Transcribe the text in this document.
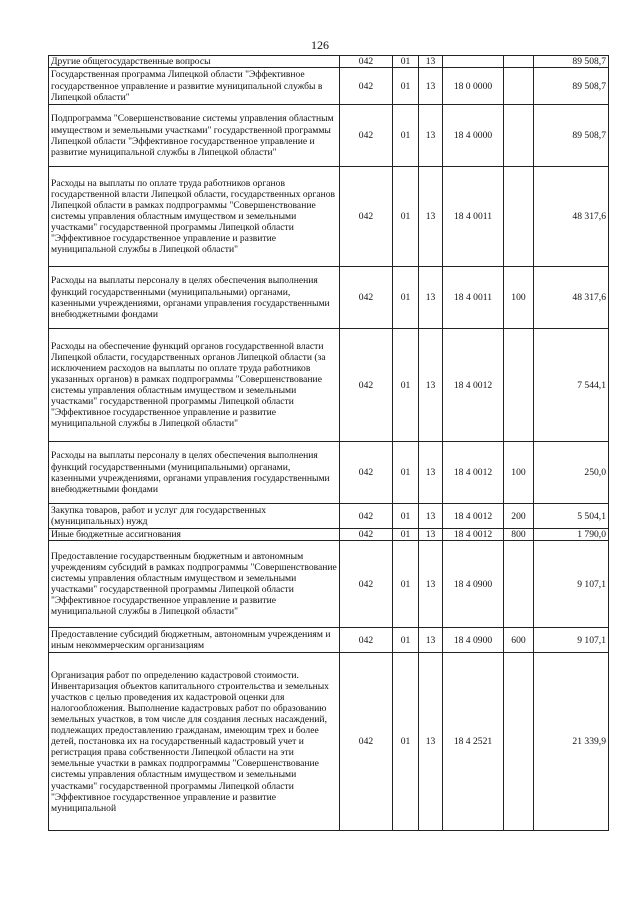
126
Другие общегосударственные вопросы	042	01	13			89 508,7
Государственная программа Липецкой области "Эффективное государственное управление и развитие муниципальной службы в Липецкой области"	042	01	13	18 0 0000		89 508,7
Подпрограмма "Совершенствование системы управления областным имуществом и земельными участками" государственной программы Липецкой области "Эффективное государственное управление и развитие муниципальной службы в Липецкой области"	042	01	13	18 4 0000		89 508,7
Расходы на выплаты по оплате труда работников органов государственной власти Липецкой области, государственных органов Липецкой области в рамках подпрограммы "Совершенствование системы управления областным имуществом и земельными участками" государственной программы Липецкой области "Эффективное государственное управление и развитие муниципальной службы в Липецкой области"	042	01	13	18 4 0011		48 317,6
Расходы на выплаты персоналу в целях обеспечения выполнения функций государственными (муниципальными) органами, казенными учреждениями, органами управления государственными внебюджетными фондами	042	01	13	18 4 0011	100	48 317,6
Расходы на обеспечение функций органов государственной власти Липецкой области, государственных органов Липецкой области (за исключением расходов на выплаты по оплате труда работников указанных органов) в рамках подпрограммы "Совершенствование системы управления областным имуществом и земельными участками" государственной программы Липецкой области "Эффективное государственное управление и развитие муниципальной службы в Липецкой области"	042	01	13	18 4 0012		7 544,1
Расходы на выплаты персоналу в целях обеспечения выполнения функций государственными (муниципальными) органами, казенными учреждениями, органами управления государственными внебюджетными фондами	042	01	13	18 4 0012	100	250,0
Закупка товаров, работ и услуг для государственных (муниципальных) нужд	042	01	13	18 4 0012	200	5 504,1
Иные бюджетные ассигнования	042	01	13	18 4 0012	800	1 790,0
Предоставление государственным бюджетным и автономным учреждениям субсидий в рамках подпрограммы "Совершенствование системы управления областным имуществом и земельными участками" государственной программы Липецкой области "Эффективное государственное управление и развитие муниципальной службы в Липецкой области"	042	01	13	18 4 0900		9 107,1
Предоставление субсидий бюджетным, автономным учреждениям и иным некоммерческим организациям	042	01	13	18 4 0900	600	9 107,1
Организация работ по определению кадастровой стоимости. Инвентаризация объектов капитального строительства и земельных участков с целью проведения их кадастровой оценки для налогообложения. Выполнение кадастровых работ по образованию земельных участков, в том числе для создания лесных насаждений, подлежащих предоставлению гражданам, имеющим трех и более детей, постановка их на государственный кадастровый учет и регистрация права собственности Липецкой области на эти земельные участки в рамках подпрограммы "Совершенствование системы управления областным имуществом и земельными участками" государственной программы Липецкой области "Эффективное государственное управление и развитие муниципальной	042	01	13	18 4 2521		21 339,9
